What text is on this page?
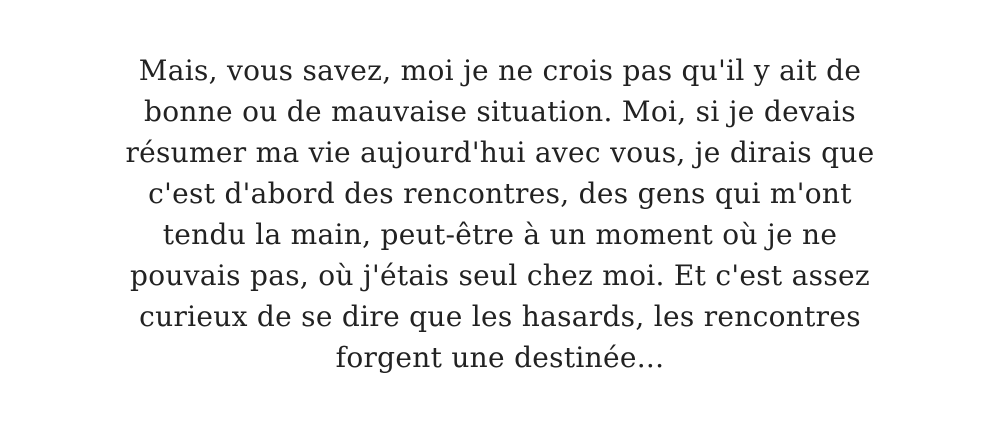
Mais, vous savez, moi je ne crois pas qu'il y ait de
bonne ou de mauvaise situation. Moi, si je devais
résumer ma vie aujourd'hui avec vous, je dirais que
c'est d'abord des rencontres, des gens qui m'ont
tendu la main, peut-être à un moment où je ne
pouvais pas, où j'étais seul chez moi. Et c'est assez
curieux de se dire que les hasards, les rencontres
forgent une destinée...
